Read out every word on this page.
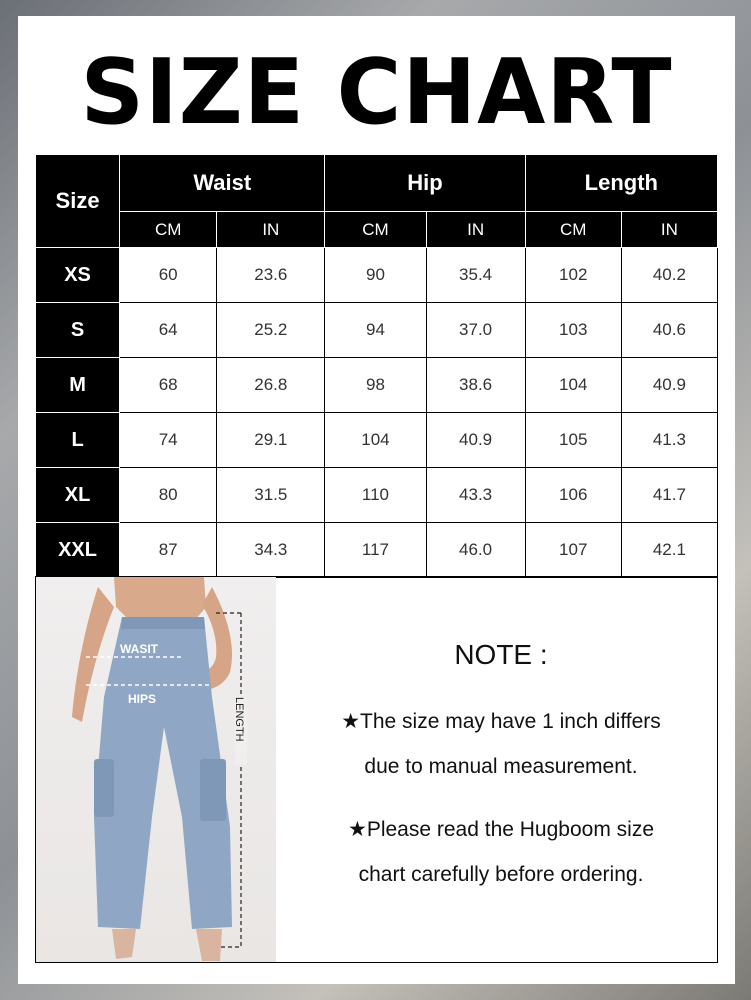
SIZE CHART
Size	Waist		Hip		Length	
	CM	IN	CM	IN	CM	IN
XS	60	23.6	90	35.4	102	40.2
S	64	25.2	94	37.0	103	40.6
M	68	26.8	98	38.6	104	40.9
L	74	29.1	104	40.9	105	41.3
XL	80	31.5	110	43.3	106	41.7
XXL	87	34.3	117	46.0	107	42.1
WASIT
HIPS	LENGTH
NOTE :
★The size may have 1 inch differs
due to manual measurement.
★Please read the Hugboom size
chart carefully before ordering.
